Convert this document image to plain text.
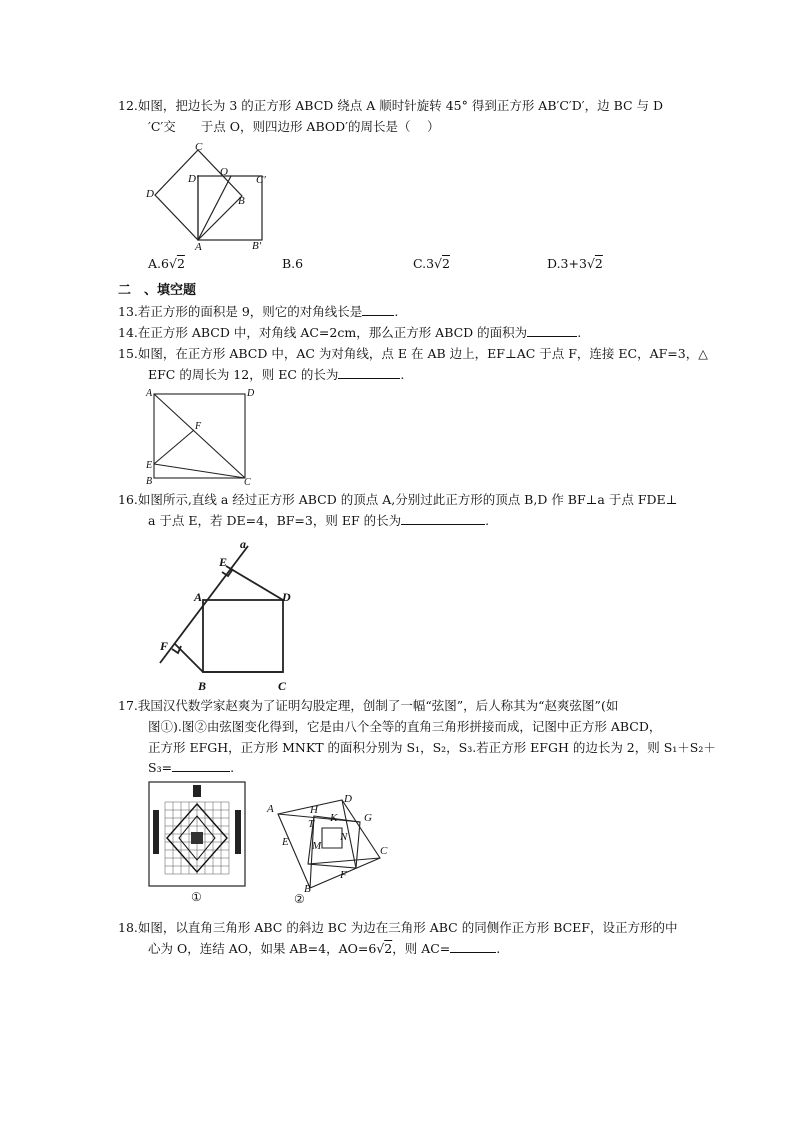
12.如图，把边长为 3 的正方形 ABCD 绕点 A 顺时针旋转 45° 得到正方形 AB′C′D′，边 BC 与 D
′C′交　　于点 O，则四边形 ABOD′的周长是（　 ）
C
D′
O
C′
D
B
A	B′
A.6√2	B.6	C.3√2	D.3+3√2
二　、填空题
13.若正方形的面积是 9，则它的对角线长是	.
14.在正方形 ABCD 中，对角线 AC=2cm，那么正方形 ABCD 的面积为	.
15.如图，在正方形 ABCD 中，AC 为对角线，点 E 在 AB 边上，EF⊥AC 于点 F，连接 EC，AF=3，△
EFC 的周长为 12，则 EC 的长为	.
A	D
F
E
B	C
16.如图所示,直线 a 经过正方形 ABCD 的顶点 A,分别过此正方形的顶点 B,D 作 BF⊥a 于点 FDE⊥
a 于点 E，若 DE=4，BF=3，则 EF 的长为	.
a
E
A	D
F
B	C
17.我国汉代数学家赵爽为了证明勾股定理，创制了一幅“弦图”，后人称其为“赵爽弦图”(如
图①).图②由弦图变化得到，它是由八个全等的直角三角形拼接而成，记图中正方形 ABCD，
正方形 EFGH，正方形 MNKT 的面积分别为 S₁，S₂，S₃.若正方形 EFGH 的边长为 2，则 S₁＋S₂＋
S₃=	.
①
H
D
A
T K G
E	N
M	C
F
B
②
18.如图，以直角三角形 ABC 的斜边 BC 为边在三角形 ABC 的同侧作正方形 BCEF，设正方形的中
心为 O，连结 AO，如果 AB=4，AO=6√2，则 AC=	.
